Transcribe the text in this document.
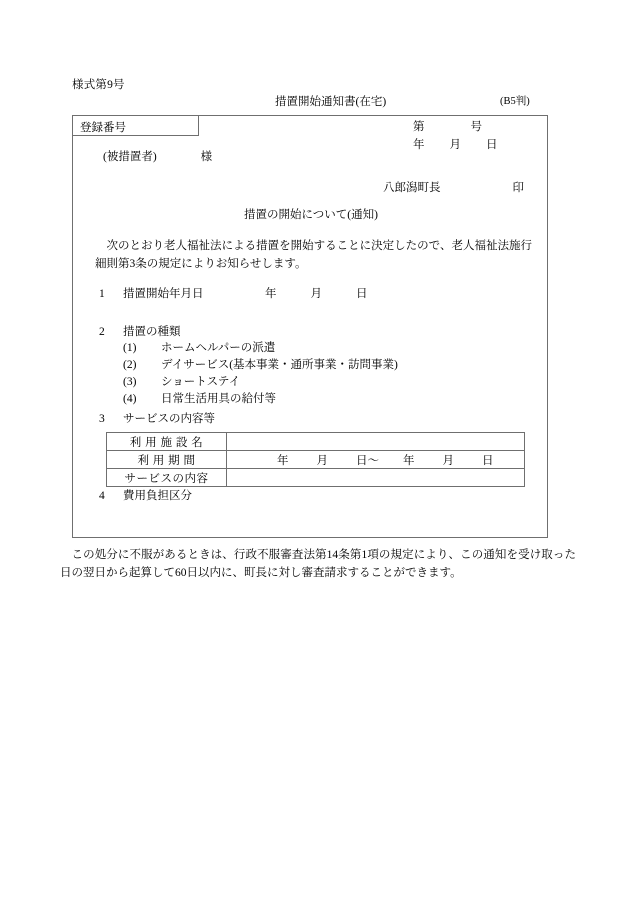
様式第9号
措置開始通知書(在宅)	(B5判)
登録番号	第	号
年 月 日
(被措置者)	様
八郎潟町長	印
措置の開始について(通知)
次のとおり老人福祉法による措置を開始することに決定したので、老人福祉法施行細則第3条の規定によりお知らせします。
1 措置開始年月日	年	月	日
2 措置の種類
(1) ホームヘルパーの派遣
(2) デイサービス(基本事業・通所事業・訪問事業)
(3) ショートステイ
(4) 日常生活用具の給付等
3 サービスの内容等
利 用 施 設 名	
利 用 期 間	年 月 日〜 年 月 日
サービスの内容	
4 費用負担区分
この処分に不服があるときは、行政不服審査法第14条第1項の規定により、この通知を受け取った日の翌日から起算して60日以内に、町長に対し審査請求することができます。
